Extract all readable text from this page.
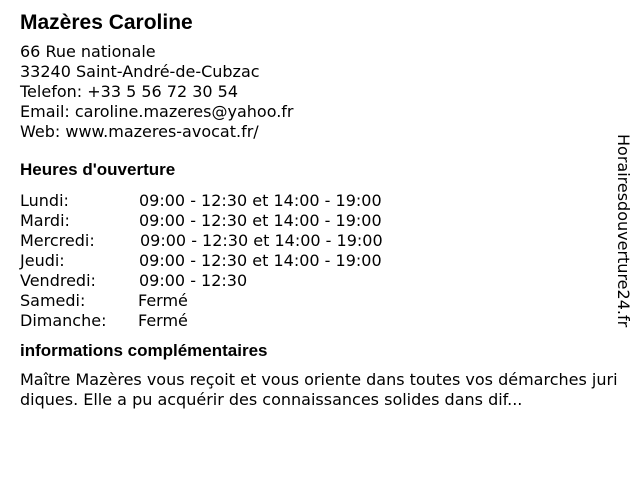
Mazères Caroline
66 Rue nationale
33240 Saint-André-de-Cubzac
Telefon: +33 5 56 72 30 54
Email: caroline.mazeres@yahoo.fr
Web: www.mazeres-avocat.fr/
Heures d'ouverture
Lundi:	09:00 - 12:30 et 14:00 - 19:00
Mardi:	09:00 - 12:30 et 14:00 - 19:00
Mercredi:	09:00 - 12:30 et 14:00 - 19:00
Jeudi:	09:00 - 12:30 et 14:00 - 19:00
Vendredi:	09:00 - 12:30
Samedi:	Fermé
Dimanche: Fermé
informations complémentaires
Maître Mazères vous reçoit et vous oriente dans toutes vos démarches juridiques. Elle a pu acquérir des connaissances solides dans dif...
Horairesdouverture24.fr
